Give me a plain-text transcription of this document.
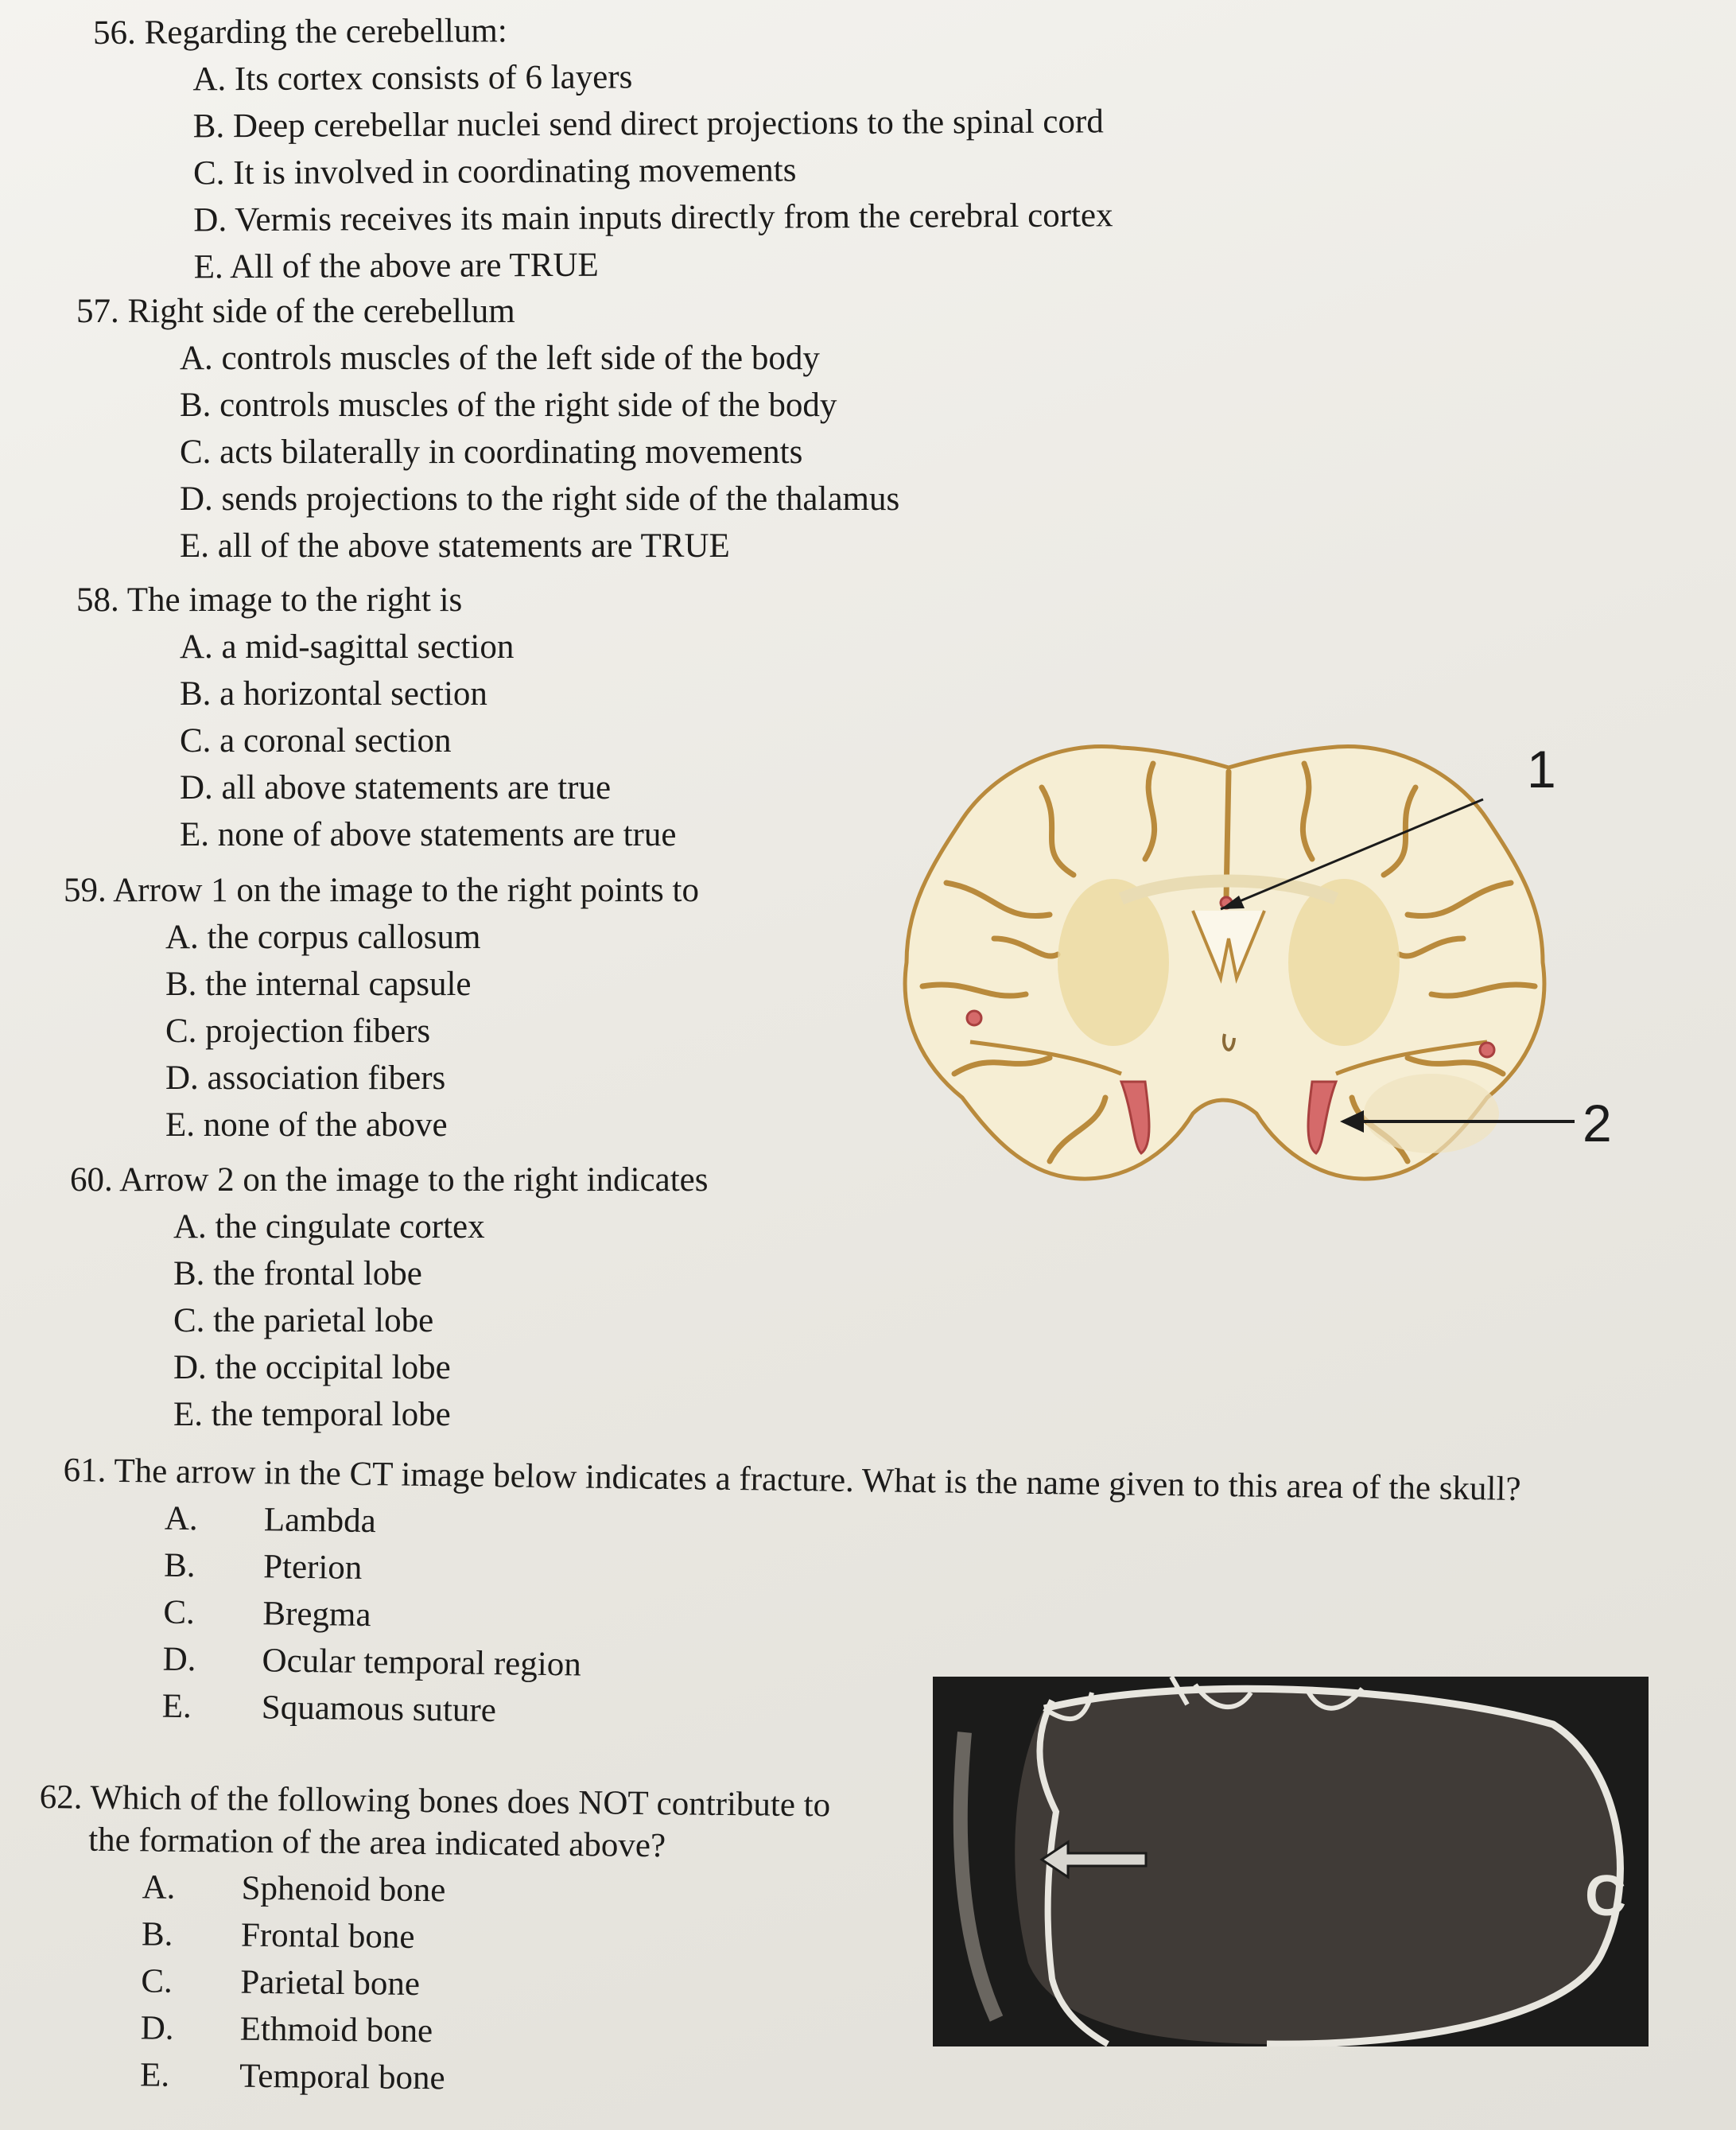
56. Regarding the cerebellum:
A. Its cortex consists of 6 layers
B. Deep cerebellar nuclei send direct projections to the spinal cord
C. It is involved in coordinating movements
D. Vermis receives its main inputs directly from the cerebral cortex
E. All of the above are TRUE
57. Right side of the cerebellum
A. controls muscles of the left side of the body
B. controls muscles of the right side of the body
C. acts bilaterally in coordinating movements
D. sends projections to the right side of the thalamus
E. all of the above statements are TRUE
58. The image to the right is
A. a mid-sagittal section
B. a horizontal section
C. a coronal section
D. all above statements are true
E. none of above statements are true
59. Arrow 1 on the image to the right points to
A. the corpus callosum
B. the internal capsule
C. projection fibers
D. association fibers
E. none of the above
60. Arrow 2 on the image to the right indicates
A. the cingulate cortex
B. the frontal lobe
C. the parietal lobe
D. the occipital lobe
E. the temporal lobe
61. The arrow in the CT image below indicates a fracture. What is the name given to this area of the skull?
A.	Lambda
B.	Pterion
C.	Bregma
D.	Ocular temporal region
E.	Squamous suture
62. Which of the following bones does NOT contribute to
the formation of the area indicated above?
A.	Sphenoid bone
B.	Frontal bone
C.	Parietal bone
D.	Ethmoid bone
E.	Temporal bone
1
2
C
